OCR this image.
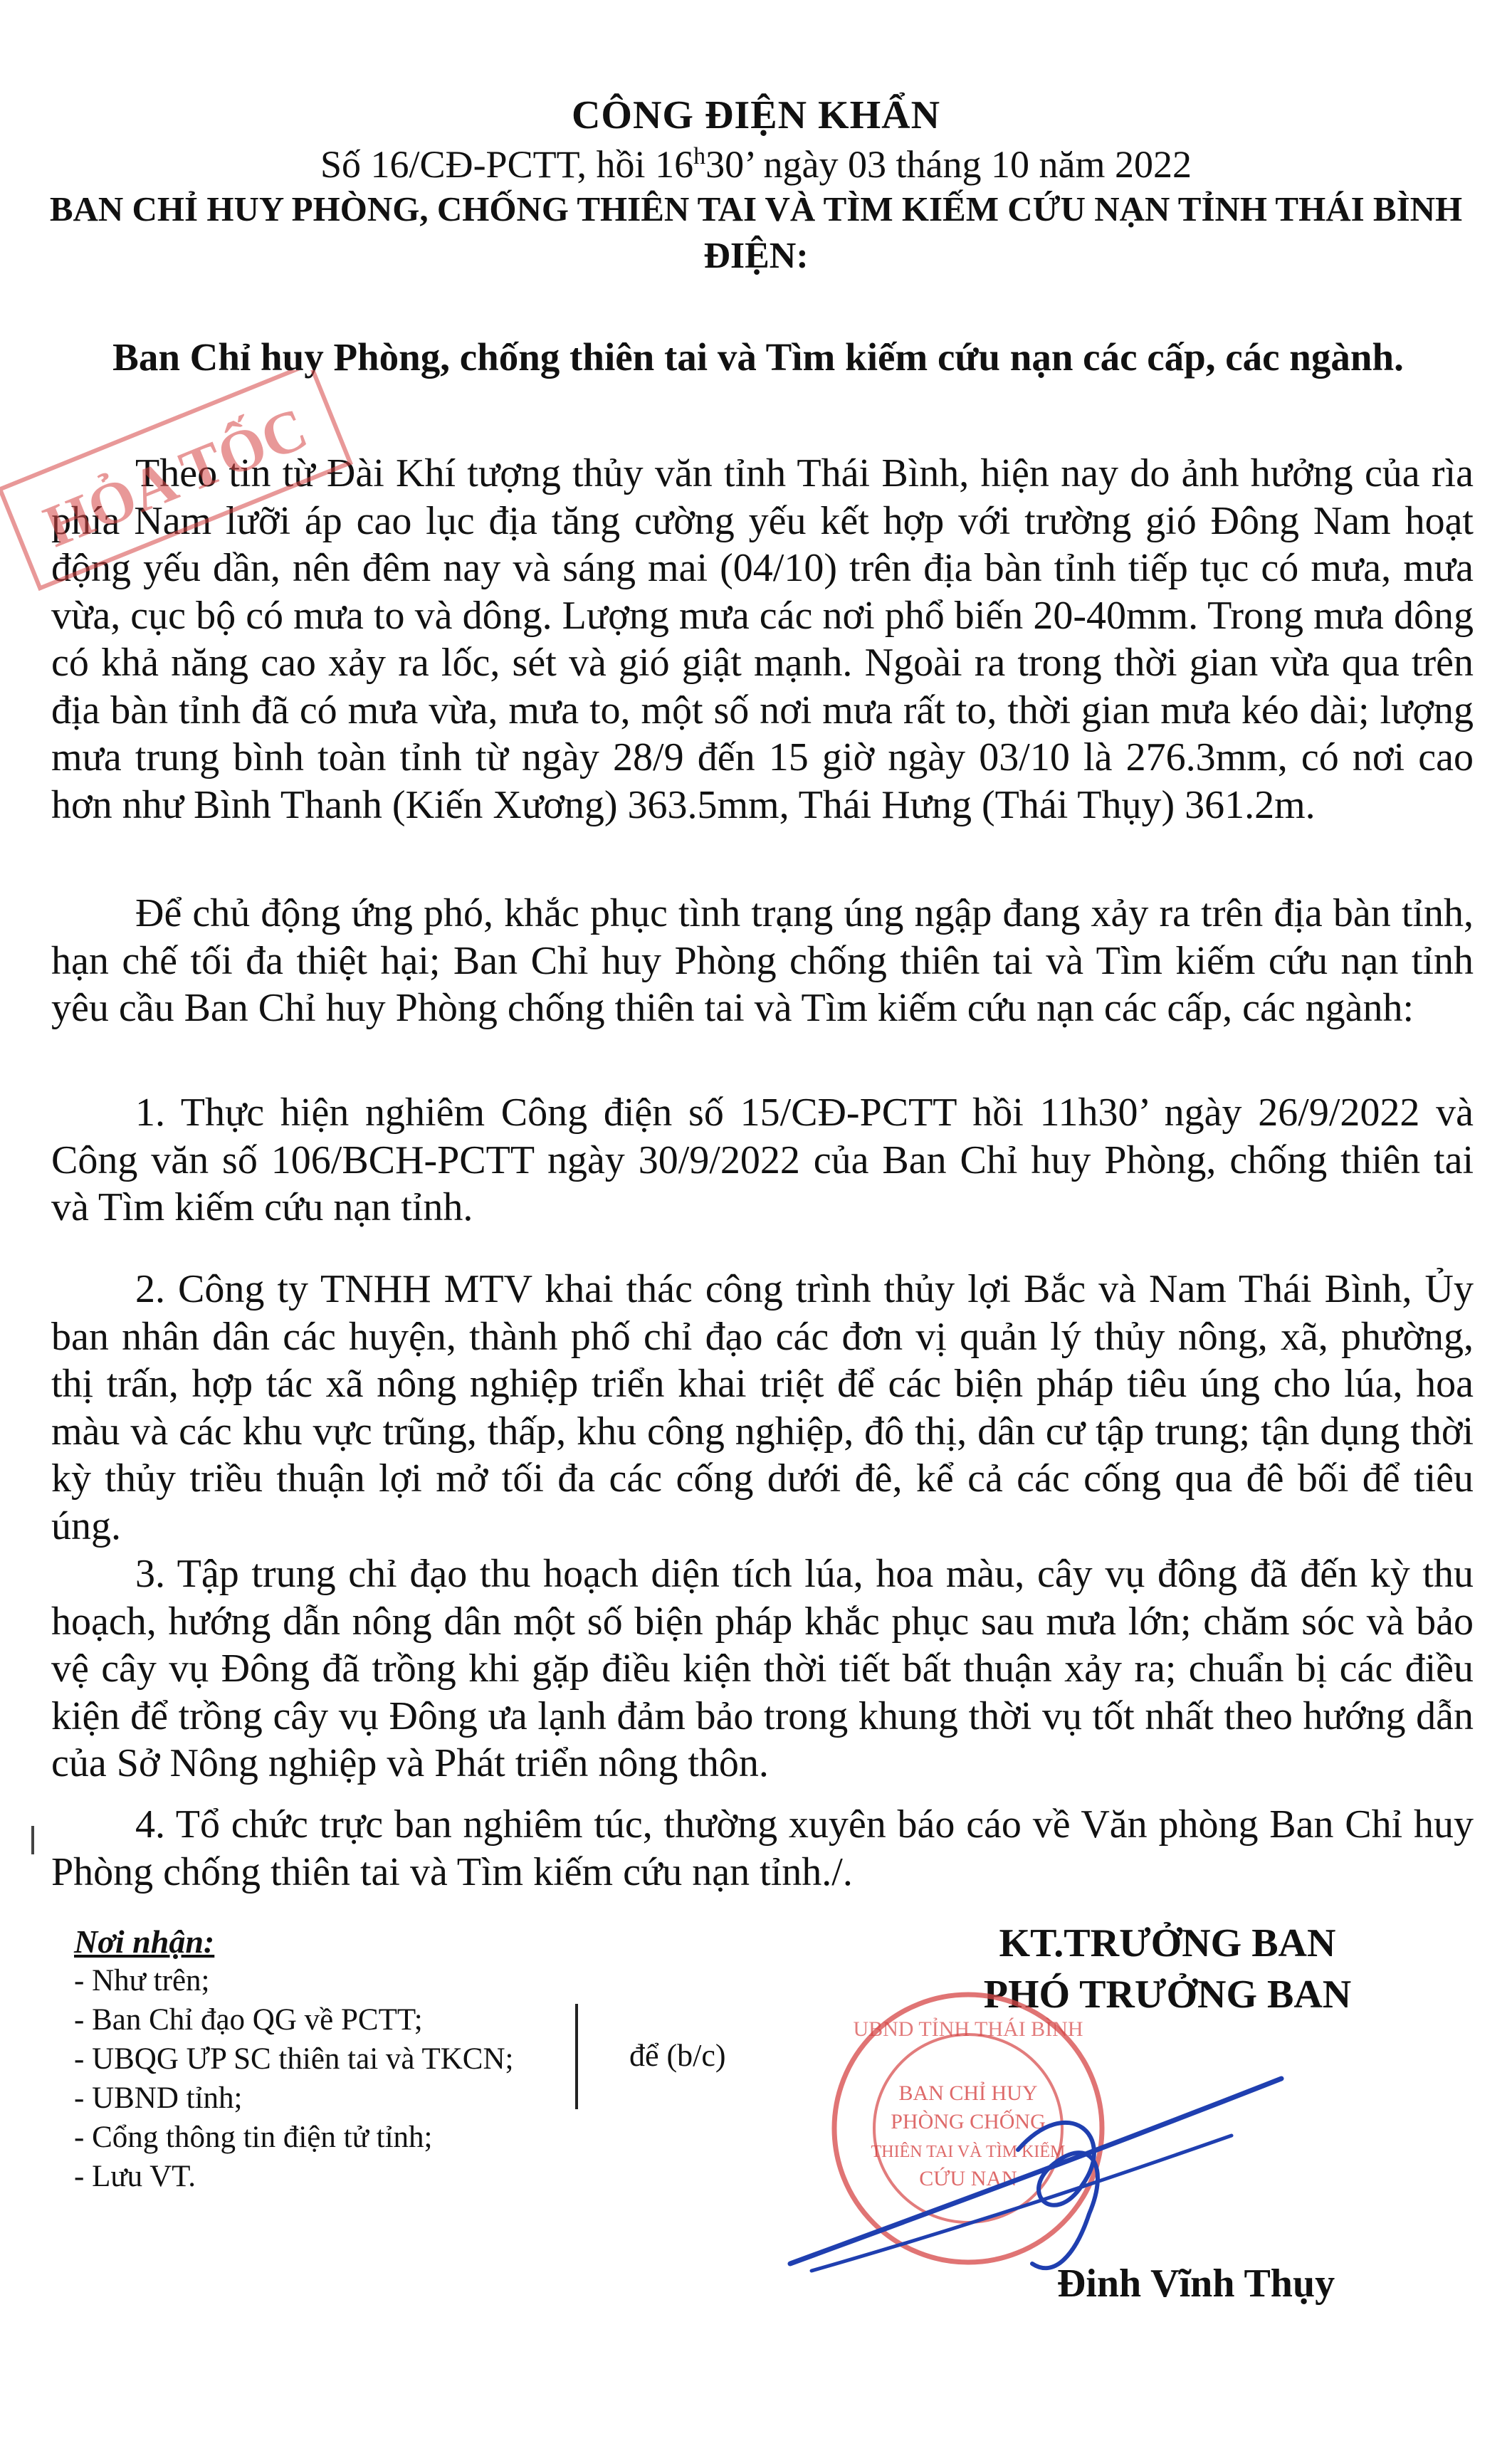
CÔNG ĐIỆN KHẨN
Số 16/CĐ-PCTT, hồi 16$^h$30’ ngày 03 tháng 10 năm 2022
BAN CHỈ HUY PHÒNG, CHỐNG THIÊN TAI VÀ TÌM KIẾM CỨU NẠN TỈNH THÁI BÌNH
ĐIỆN:
Ban Chỉ huy Phòng, chống thiên tai và Tìm kiếm cứu nạn các cấp, các ngành.

Theo tin từ Đài Khí tượng thủy văn tỉnh Thái Bình, hiện nay do ảnh hưởng của rìa phía Nam lưỡi áp cao lục địa tăng cường yếu kết hợp với trường gió Đông Nam hoạt động yếu dần, nên đêm nay và sáng mai (04/10) trên địa bàn tỉnh tiếp tục có mưa, mưa vừa, cục bộ có mưa to và dông. Lượng mưa các nơi phổ biến 20-40mm. Trong mưa dông có khả năng cao xảy ra lốc, sét và gió giật mạnh. Ngoài ra trong thời gian vừa qua trên địa bàn tỉnh đã có mưa vừa, mưa to, một số nơi mưa rất to, thời gian mưa kéo dài; lượng mưa trung bình toàn tỉnh từ ngày 28/9 đến 15 giờ ngày 03/10 là 276.3mm, có nơi cao hơn như Bình Thanh (Kiến Xương) 363.5mm, Thái Hưng (Thái Thụy) 361.2m.

Để chủ động ứng phó, khắc phục tình trạng úng ngập đang xảy ra trên địa bàn tỉnh, hạn chế tối đa thiệt hại; Ban Chỉ huy Phòng chống thiên tai và Tìm kiếm cứu nạn tỉnh yêu cầu Ban Chỉ huy Phòng chống thiên tai và Tìm kiếm cứu nạn các cấp, các ngành:

1. Thực hiện nghiêm Công điện số 15/CĐ-PCTT hồi 11h30’ ngày 26/9/2022 và Công văn số 106/BCH-PCTT ngày 30/9/2022 của Ban Chỉ huy Phòng, chống thiên tai và Tìm kiếm cứu nạn tỉnh.

2. Công ty TNHH MTV khai thác công trình thủy lợi Bắc và Nam Thái Bình, Ủy ban nhân dân các huyện, thành phố chỉ đạo các đơn vị quản lý thủy nông, xã, phường, thị trấn, hợp tác xã nông nghiệp triển khai triệt để các biện pháp tiêu úng cho lúa, hoa màu và các khu vực trũng, thấp, khu công nghiệp, đô thị, dân cư tập trung; tận dụng thời kỳ thủy triều thuận lợi mở tối đa các cống dưới đê, kể cả các cống qua đê bối để tiêu úng.

3. Tập trung chỉ đạo thu hoạch diện tích lúa, hoa màu, cây vụ đông đã đến kỳ thu hoạch, hướng dẫn nông dân một số biện pháp khắc phục sau mưa lớn; chăm sóc và bảo vệ cây vụ Đông đã trồng khi gặp điều kiện thời tiết bất thuận xảy ra; chuẩn bị các điều kiện để trồng cây vụ Đông ưa lạnh đảm bảo trong khung thời vụ tốt nhất theo hướng dẫn của Sở Nông nghiệp và Phát triển nông thôn.

4. Tổ chức trực ban nghiêm túc, thường xuyên báo cáo về Văn phòng Ban Chỉ huy Phòng chống thiên tai và Tìm kiếm cứu nạn tỉnh./.

Nơi nhận:
- Như trên;
- Ban Chỉ đạo QG về PCTT;
- UBQG ƯP SC thiên tai và TKCN;
- UBND tỉnh;
- Cổng thông tin điện tử tỉnh;
- Lưu VT.
để (b/c)
KT.TRƯỞNG BAN
PHÓ TRƯỞNG BAN
UBND TỈNH THÁI BÌNH
BAN CHỈ HUY
PHÒNG CHỐNG
THIÊN TAI VÀ TÌM KIẾM
CỨU NẠN
HỎA TỐC
Đinh Vĩnh Thụy
